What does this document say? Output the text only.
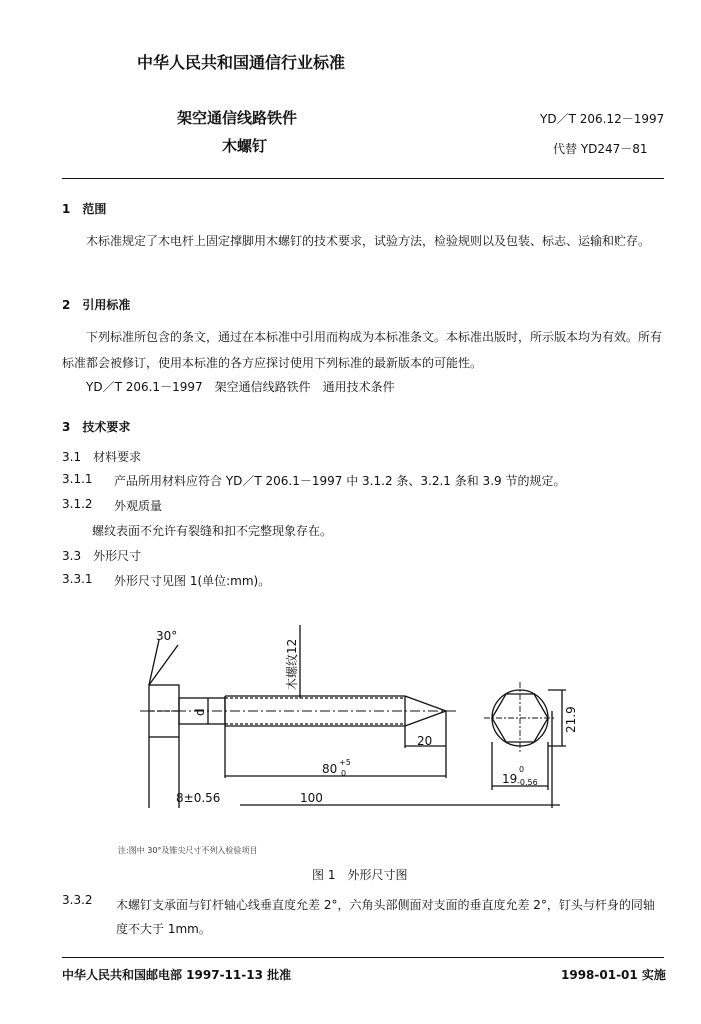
中华人民共和国通信行业标准
架空通信线路铁件
木螺钉
YD／T 206.12－1997
代替 YD247－81
1　范围
木标准规定了木电杆上固定撑脚用木螺钉的技术要求，试验方法，检验规则以及包装、标志、运输和贮存。
2　引用标准
下列标准所包含的条文，通过在本标准中引用而构成为本标准条文。本标准出版时，所示版本均为有效。所有标准都会被修订，使用本标准的各方应探讨使用下列标准的最新版本的可能性。
YD／T 206.1－1997　架空通信线路铁件　通用技术条件
3　技术要求
3.1　材料要求
3.1.1 产品所用材料应符合 YD／T 206.1－1997 中 3.1.2 条、3.2.1 条和 3.9 节的规定。
3.1.2 外观质量
螺纹表面不允许有裂缝和扣不完整现象存在。
3.3　外形尺寸
3.3.1 外形尺寸见图 1(单位:mm)。
30°
木螺纹12
d
20
80 +5
0
8±0.56	100
21.9
19
0
-0.56
注:图中 30°及锥尖尺寸不列入检验项目
图 1　外形尺寸图
3.3.2 木螺钉支承面与钉杆轴心线垂直度允差 2°，六角头部侧面对支面的垂直度允差 2°，钉头与杆身的同轴度不大于 1mm。
中华人民共和国邮电部 1997-11-13 批准	1998-01-01 实施
